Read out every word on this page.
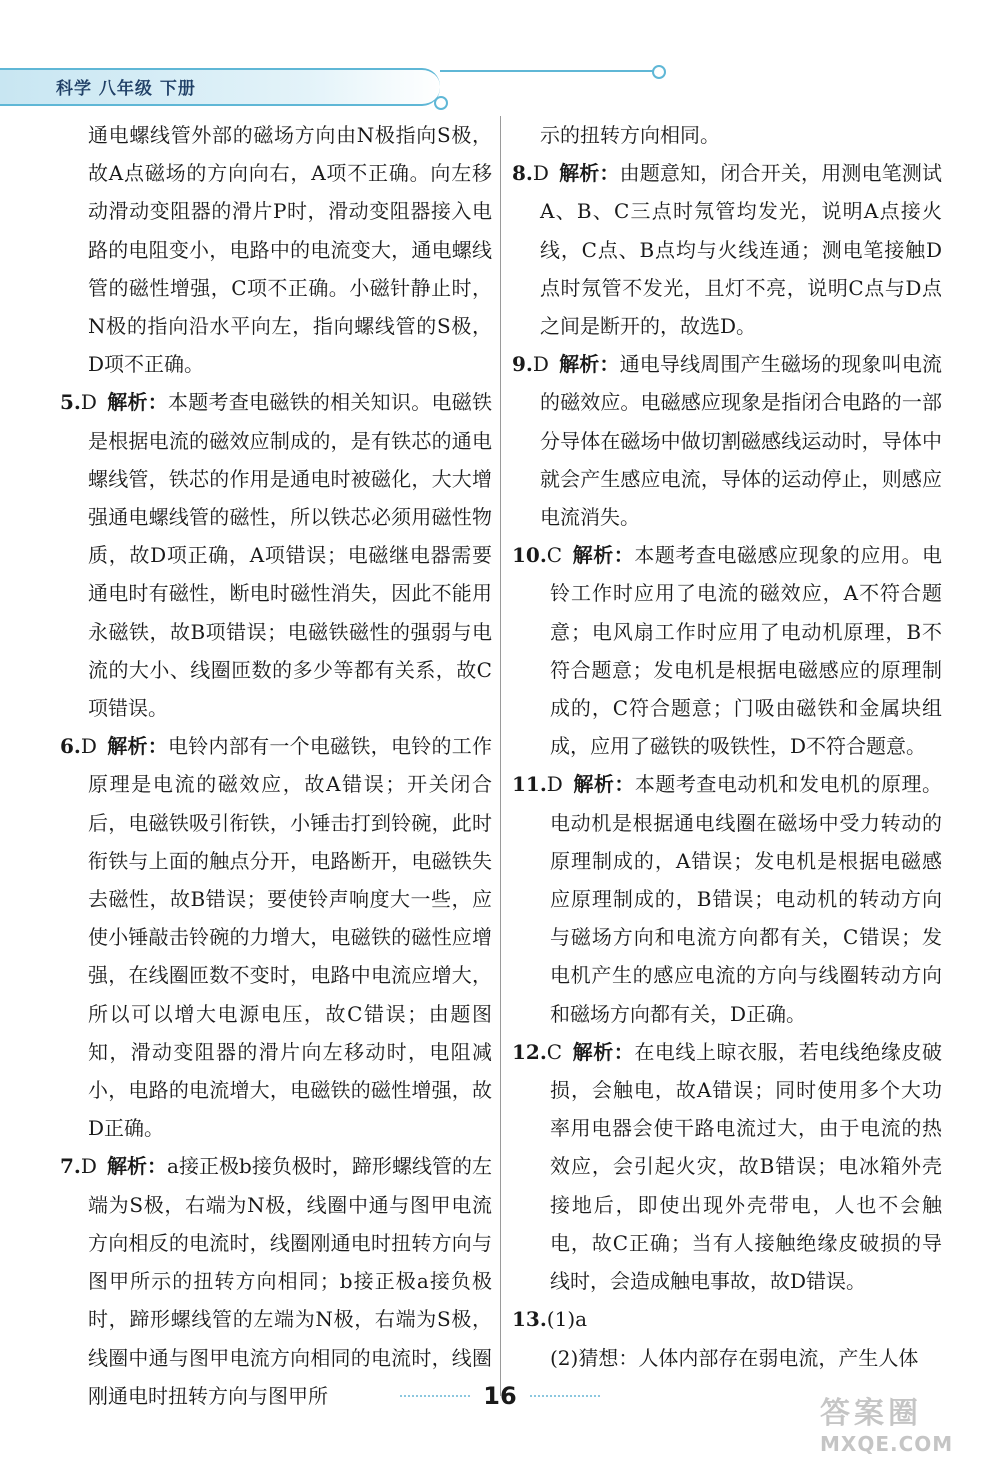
科学 八年级 下册

通电螺线管外部的磁场方向由N极指向S极，故A点磁场的方向向右，A项不正确。向左移动滑动变阻器的滑片P时，滑动变阻器接入电路的电阻变小，电路中的电流变大，通电螺线管的磁性增强，C项不正确。小磁针静止时，N极的指向沿水平向左，指向螺线管的S极，D项不正确。

5.D 解析：本题考查电磁铁的相关知识。电磁铁是根据电流的磁效应制成的，是有铁芯的通电螺线管，铁芯的作用是通电时被磁化，大大增强通电螺线管的磁性，所以铁芯必须用磁性物质，故D项正确，A项错误；电磁继电器需要通电时有磁性，断电时磁性消失，因此不能用永磁铁，故B项错误；电磁铁磁性的强弱与电流的大小、线圈匝数的多少等都有关系，故C项错误。

6.D 解析：电铃内部有一个电磁铁，电铃的工作原理是电流的磁效应，故A错误；开关闭合后，电磁铁吸引衔铁，小锤击打到铃碗，此时衔铁与上面的触点分开，电路断开，电磁铁失去磁性，故B错误；要使铃声响度大一些，应使小锤敲击铃碗的力增大，电磁铁的磁性应增强，在线圈匝数不变时，电路中电流应增大，所以可以增大电源电压，故C错误；由题图知，滑动变阻器的滑片向左移动时，电阻减小，电路的电流增大，电磁铁的磁性增强，故D正确。

7.D 解析：a接正极b接负极时，蹄形螺线管的左端为S极，右端为N极，线圈中通与图甲电流方向相反的电流时，线圈刚通电时扭转方向与图甲所示的扭转方向相同；b接正极a接负极时，蹄形螺线管的左端为N极，右端为S极，线圈中通与图甲电流方向相同的电流时，线圈刚通电时扭转方向与图甲所

示的扭转方向相同。

8.D 解析：由题意知，闭合开关，用测电笔测试A、B、C三点时氖管均发光，说明A点接火线，C点、B点均与火线连通；测电笔接触D点时氖管不发光，且灯不亮，说明C点与D点之间是断开的，故选D。

9.D 解析：通电导线周围产生磁场的现象叫电流的磁效应。电磁感应现象是指闭合电路的一部分导体在磁场中做切割磁感线运动时，导体中就会产生感应电流，导体的运动停止，则感应电流消失。

10.C 解析：本题考查电磁感应现象的应用。电铃工作时应用了电流的磁效应，A不符合题意；电风扇工作时应用了电动机原理，B不符合题意；发电机是根据电磁感应的原理制成的，C符合题意；门吸由磁铁和金属块组成，应用了磁铁的吸铁性，D不符合题意。

11.D 解析：本题考查电动机和发电机的原理。电动机是根据通电线圈在磁场中受力转动的原理制成的，A错误；发电机是根据电磁感应原理制成的，B错误；电动机的转动方向与磁场方向和电流方向都有关，C错误；发电机产生的感应电流的方向与线圈转动方向和磁场方向都有关，D正确。

12.C 解析：在电线上晾衣服，若电线绝缘皮破损，会触电，故A错误；同时使用多个大功率用电器会使干路电流过大，由于电流的热效应，会引起火灾，故B错误；电冰箱外壳接地后，即使出现外壳带电，人也不会触电，故C正确；当有人接触绝缘皮破损的导线时，会造成触电事故，故D错误。

13.(1)a

(2)猜想：人体内部存在弱电流，产生人体

16	答案圈
MXQE.COM
